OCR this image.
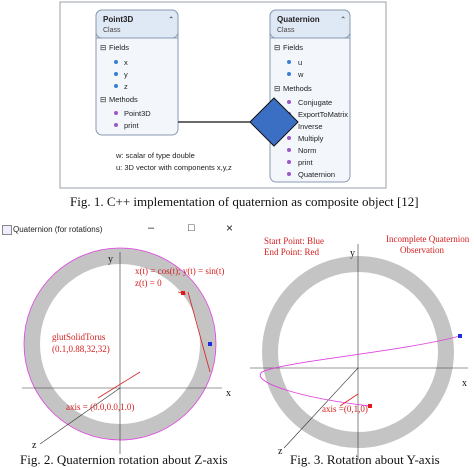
Point3D
Class
⌃
⊟ Fields
x
y
z
⊟ Methods
Point3D
print
Quaternion
Class
⌃
⊟ Fields
u
w
⊟ Methods
Conjugate
ExportToMatrix
Inverse
Multiply
Norm
print
Quaternion
w: scalar of type double
u: 3D vector with components x,y,z
Fig. 1. C++ implementation of quaternion as composite object [12]
Quaternion (for rotations)	–	□	×
y
x
z
x(t) = cos(t); y(t) = sin(t)
z(t) = 0
glutSolidTorus
(0.1,0.88,32,32)
axis = (0.0,0.0,1.0)
Fig. 2. Quaternion rotation about Z-axis
y
x
z
Start Point: Blue
End Point: Red
Incomplete Quaternion
Observation
axis =(0,1,0)
Fig. 3. Rotation about Y-axis
